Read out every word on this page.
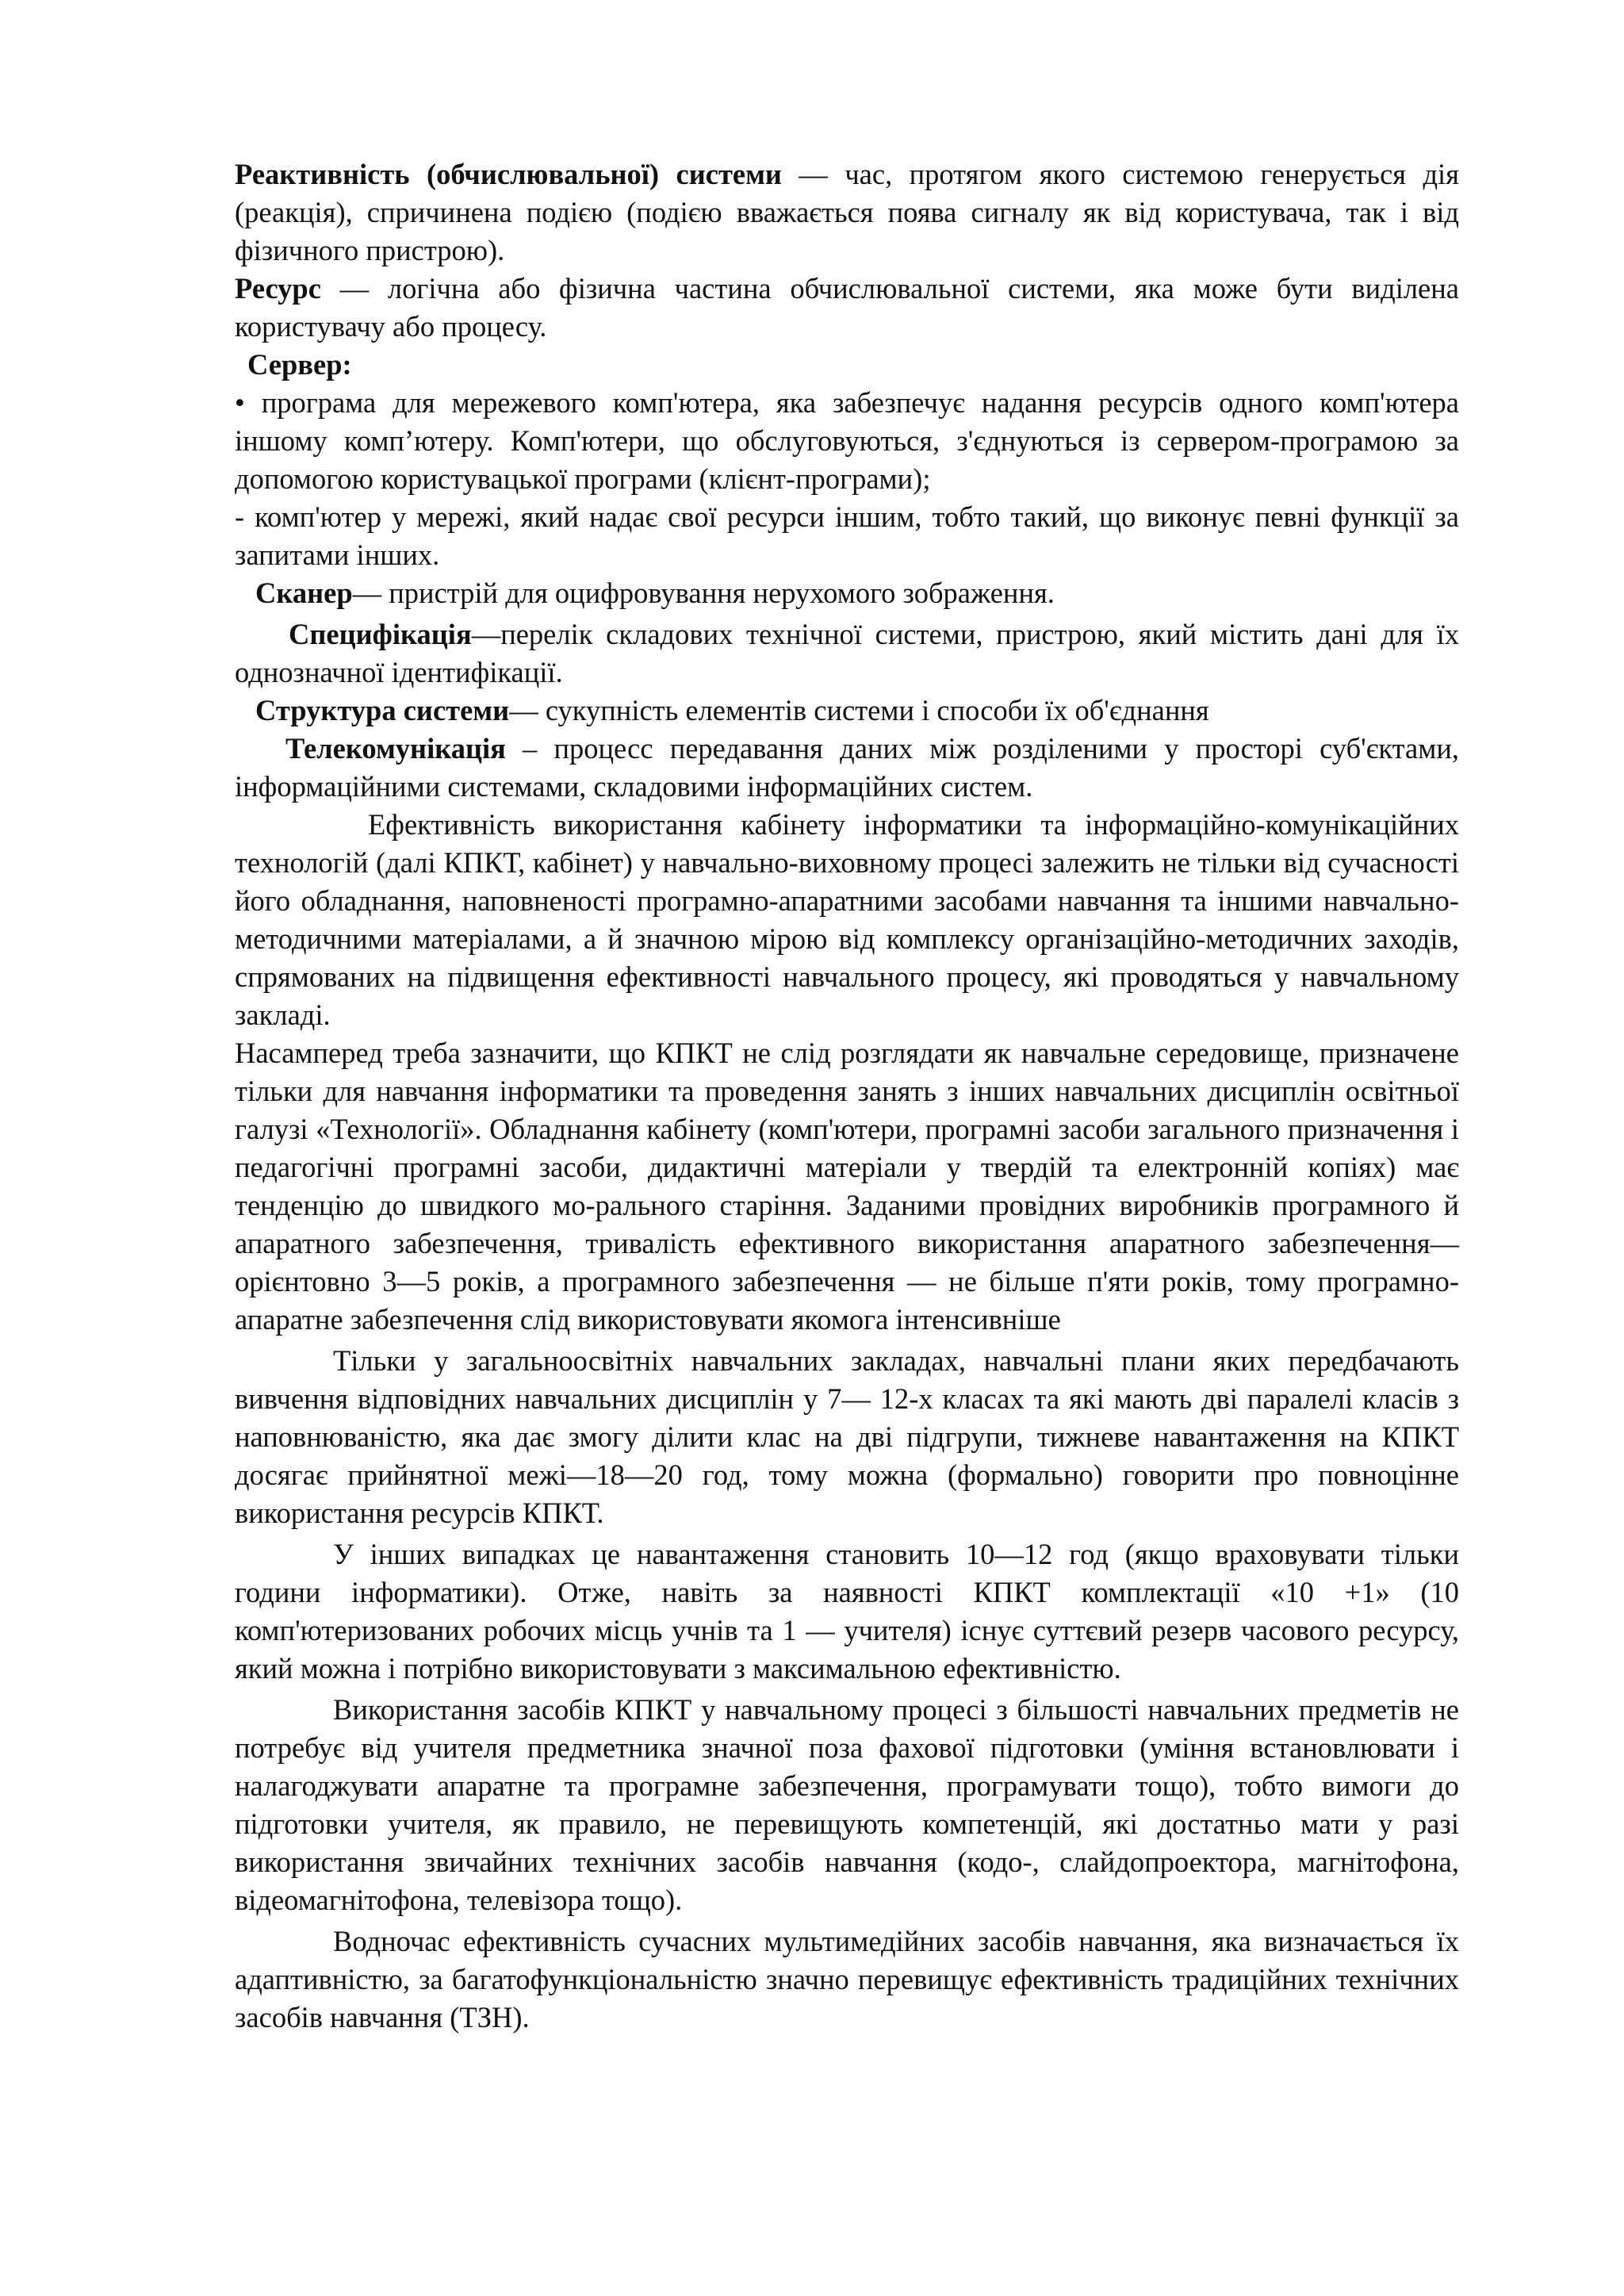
Реактивність (обчислювальної) системи — час, протягом якого системою генерується дія (реакція), спричинена подією (подією вважається поява сигналу як від користувача, так і від фізичного пристрою).

Ресурс — логічна або фізична частина обчислювальної системи, яка може бути виділена користувачу або процесу.

Сервер:

• програма для мережевого комп'ютера, яка забезпечує надання ресурсів одного комп'ютера іншому комп’ютеру. Комп'ютери, що обслуговуються, з'єднуються із сервером-програмою за допомогою користувацької програми (клієнт-програми);

- комп'ютер у мережі, який надає свої ресурси іншим, тобто такий, що виконує певні функції за запитами інших.

Сканер— пристрій для оцифровування нерухомого зображення.

Специфікація—перелік складових технічної системи, пристрою, який містить дані для їх однозначної ідентифікації.

Структура системи— сукупність елементів системи і способи їх об'єднання

Телекомунікація – процесс передавання даних між розділеними у просторі суб'єктами, інформаційними системами, складовими інформаційних систем.

Ефективність використання кабінету інформатики та інформаційно-комунікаційних технологій (далі КПКТ, кабінет) у навчально-виховному процесі залежить не тільки від сучасності його обладнання, наповненості програмно-апаратними засобами навчання та іншими навчально-методичними матеріалами, а й значною мірою від комплексу організаційно-методичних заходів, спрямованих на підвищення ефективності навчального процесу, які проводяться у навчальному закладі.

Насамперед треба зазначити, що КПКТ не слід розглядати як навчальне середовище, призначене тільки для навчання інформатики та проведення занять з інших навчальних дисциплін освітньої галузі «Технології». Обладнання кабінету (комп'ютери, програмні засоби загального призначення і педагогічні програмні засоби, дидактичні матеріали у твердій та електронній копіях) має тенденцію до швидкого мо-рального старіння. Заданими провідних виробників програмного й апаратного забезпечення, тривалість ефективного використання апаратного забезпечення— орієнтовно 3—5 років, а програмного забезпечення — не більше п'яти років, тому програмно-апаратне забезпечення слід використовувати якомога інтенсивніше

Тільки у загальноосвітніх навчальних закладах, навчальні плани яких передбачають вивчення відповідних навчальних дисциплін у 7— 12-х класах та які мають дві паралелі класів з наповнюваністю, яка дає змогу ділити клас на дві підгрупи, тижневе навантаження на КПКТ досягає прийнятної межі—18—20 год, тому можна (формально) говорити про повноцінне використання ресурсів КПКТ.

У інших випадках це навантаження становить 10—12 год (якщо враховувати тільки години інформатики). Отже, навіть за наявності КПКТ комплектації «10 +1» (10 комп'ютеризованих робочих місць учнів та 1 — учителя) існує суттєвий резерв часового ресурсу, який можна і потрібно використовувати з максимальною ефективністю.

Використання засобів КПКТ у навчальному процесі з більшості навчальних предметів не потребує від учителя предметника значної поза фахової підготовки (уміння встановлювати і налагоджувати апаратне та програмне забезпечення, програмувати тощо), тобто вимоги до підготовки учителя, як правило, не перевищують компетенцій, які достатньо мати у разі використання звичайних технічних засобів навчання (кодо-, слайдопроектора, магнітофона, відеомагнітофона, телевізора тощо).

Водночас ефективність сучасних мультимедійних засобів навчання, яка визначається їх адаптивністю, за багатофункціональністю значно перевищує ефективність традиційних технічних засобів навчання (ТЗН).
